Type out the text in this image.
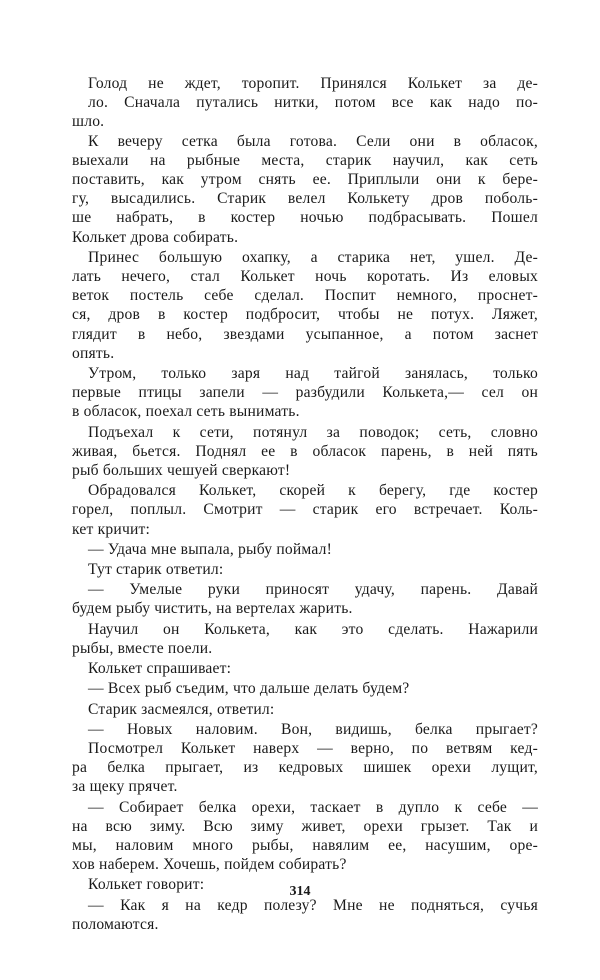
Голод не ждет, торопит. Принялся Колькет за де-
ло. Сначала путались нитки, потом все как надо по-
шло.
К вечеру сетка была готова. Сели они в обласок,
выехали на рыбные места, старик научил, как сеть
поставить, как утром снять ее. Приплыли они к бере-
гу, высадились. Старик велел Колькету дров поболь-
ше набрать, в костер ночью подбрасывать. Пошел
Колькет дрова собирать.
Принес большую охапку, а старика нет, ушел. Де-
лать нечего, стал Колькет ночь коротать. Из еловых
веток постель себе сделал. Поспит немного, проснет-
ся, дров в костер подбросит, чтобы не потух. Ляжет,
глядит в небо, звездами усыпанное, а потом заснет
опять.
Утром, только заря над тайгой занялась, только
первые птицы запели — разбудили Колькета,— сел он
в обласок, поехал сеть вынимать.
Подъехал к сети, потянул за поводок; сеть, словно
живая, бьется. Поднял ее в обласок парень, в ней пять
рыб больших чешуей сверкают!
Обрадовался Колькет, скорей к берегу, где костер
горел, поплыл. Смотрит — старик его встречает. Коль-
кет кричит:
— Удача мне выпала, рыбу поймал!
Тут старик ответил:
— Умелые руки приносят удачу, парень. Давай
будем рыбу чистить, на вертелах жарить.
Научил он Колькета, как это сделать. Нажарили
рыбы, вместе поели.
Колькет спрашивает:
— Всех рыб съедим, что дальше делать будем?
Старик засмеялся, ответил:
— Новых наловим. Вон, видишь, белка прыгает?
Посмотрел Колькет наверх — верно, по ветвям кед-
ра белка прыгает, из кедровых шишек орехи лущит,
за щеку прячет.
— Собирает белка орехи, таскает в дупло к себе —
на всю зиму. Всю зиму живет, орехи грызет. Так и
мы, наловим много рыбы, навялим ее, насушим, оре-
хов наберем. Хочешь, пойдем собирать?
Колькет говорит:
— Как я на кедр полезу? Мне не подняться, сучья
поломаются.
314
